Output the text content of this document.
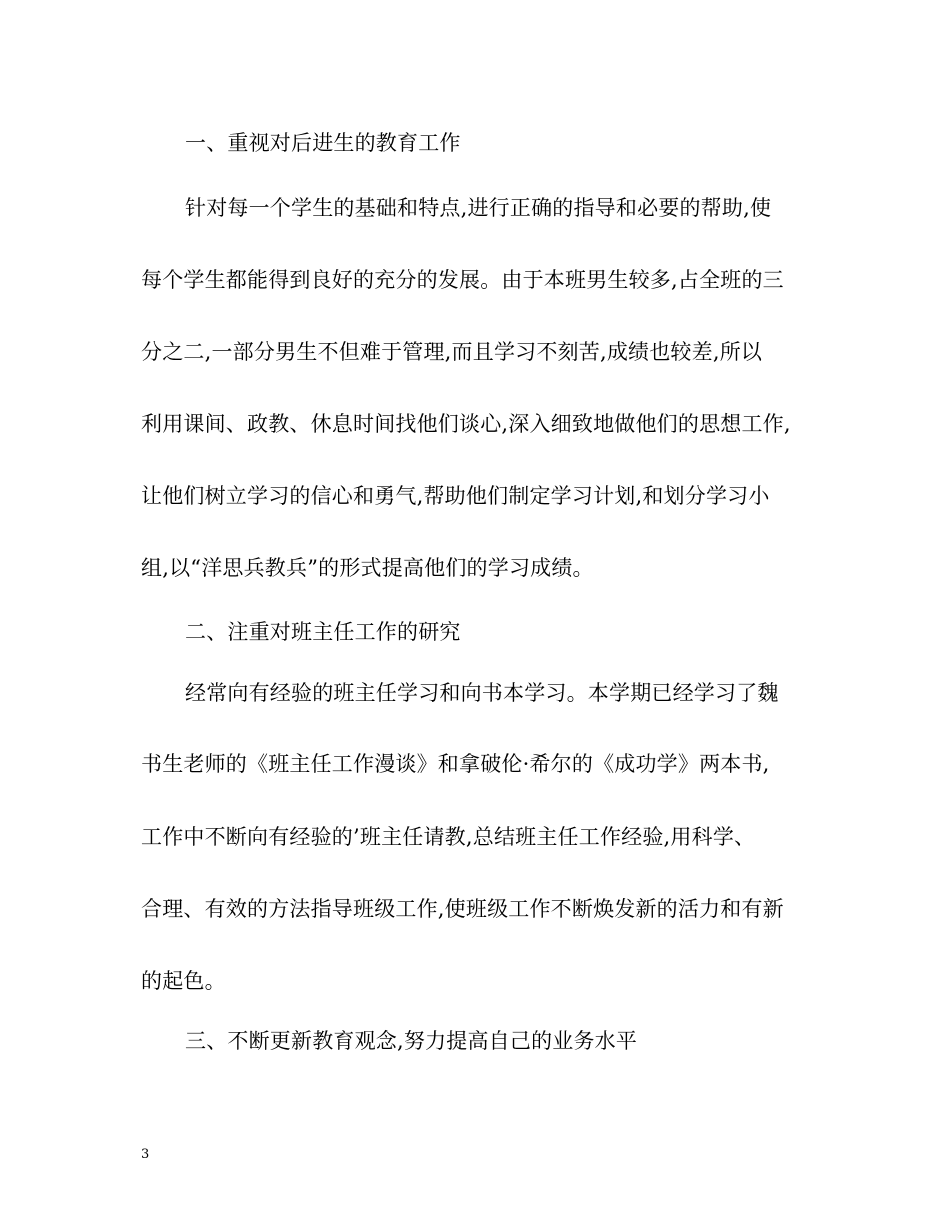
一、重视对后进生的教育工作
针对每一个学生的基础和特点,进行正确的指导和必要的帮助,使
每个学生都能得到良好的充分的发展。由于本班男生较多,占全班的三
分之二,一部分男生不但难于管理,而且学习不刻苦,成绩也较差,所以
利用课间、政教、休息时间找他们谈心,深入细致地做他们的思想工作,
让他们树立学习的信心和勇气,帮助他们制定学习计划,和划分学习小
组,以“洋思兵教兵”的形式提高他们的学习成绩。
二、注重对班主任工作的研究
经常向有经验的班主任学习和向书本学习。本学期已经学习了魏
书生老师的《班主任工作漫谈》和拿破伦·希尔的《成功学》两本书,
工作中不断向有经验的’班主任请教,总结班主任工作经验,用科学、
合理、有效的方法指导班级工作,使班级工作不断焕发新的活力和有新
的起色。
三、不断更新教育观念,努力提高自己的业务水平
3
